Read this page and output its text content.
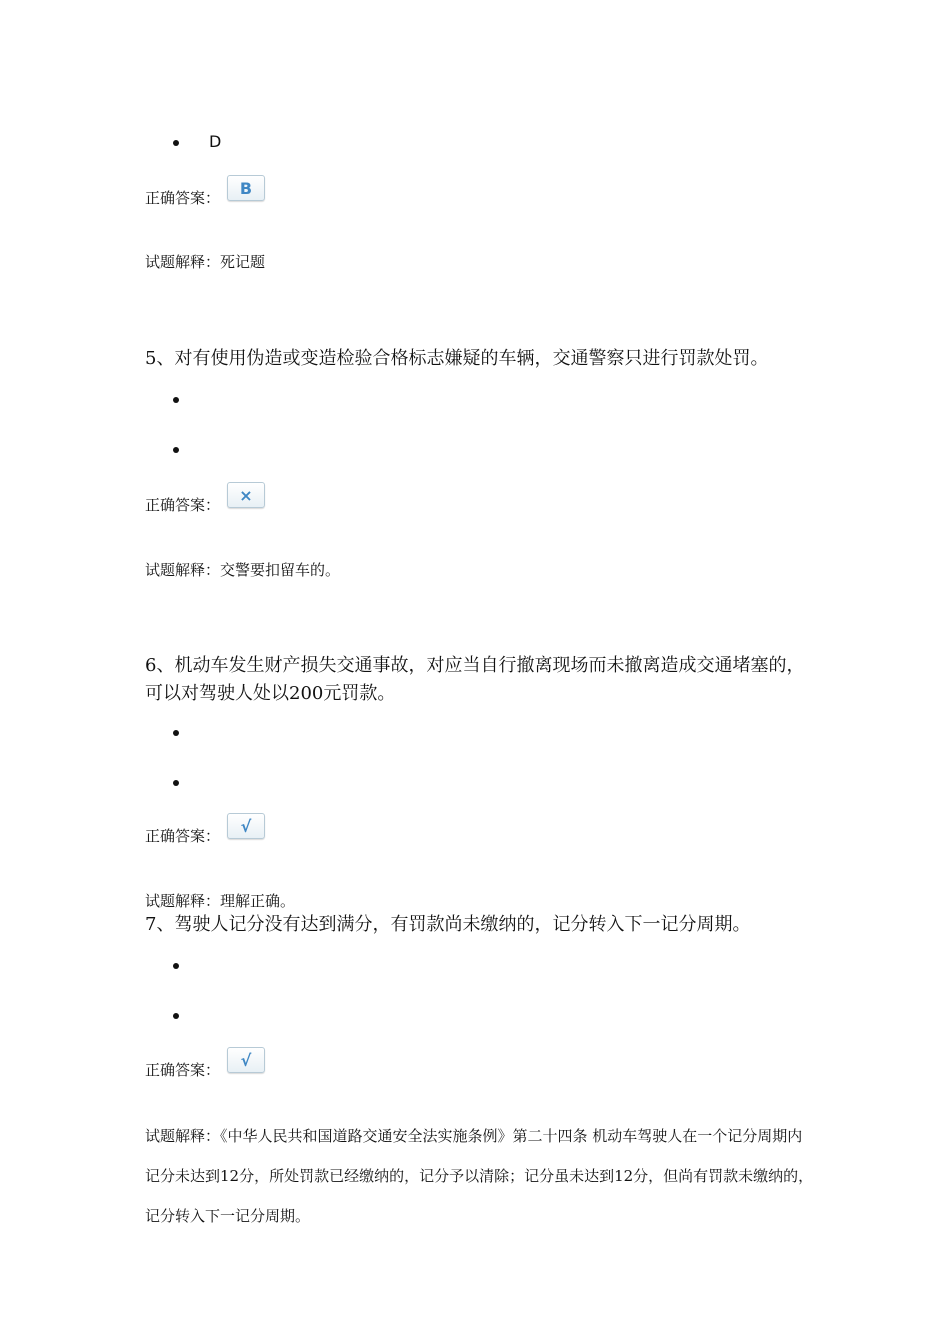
D
正确答案：
B
试题解释：死记题
5、对有使用伪造或变造检验合格标志嫌疑的车辆，交通警察只进行罚款处罚。
正确答案：
×
试题解释：交警要扣留车的。
6、机动车发生财产损失交通事故，对应当自行撤离现场而未撤离造成交通堵塞的，可以对驾驶人处以200元罚款。
正确答案：
√
试题解释：理解正确。
7、驾驶人记分没有达到满分，有罚款尚未缴纳的，记分转入下一记分周期。
正确答案：
√
试题解释：《中华人民共和国道路交通安全法实施条例》第二十四条 机动车驾驶人在一个记分周期内记分未达到12分，所处罚款已经缴纳的，记分予以清除；记分虽未达到12分，但尚有罚款未缴纳的，记分转入下一记分周期。
